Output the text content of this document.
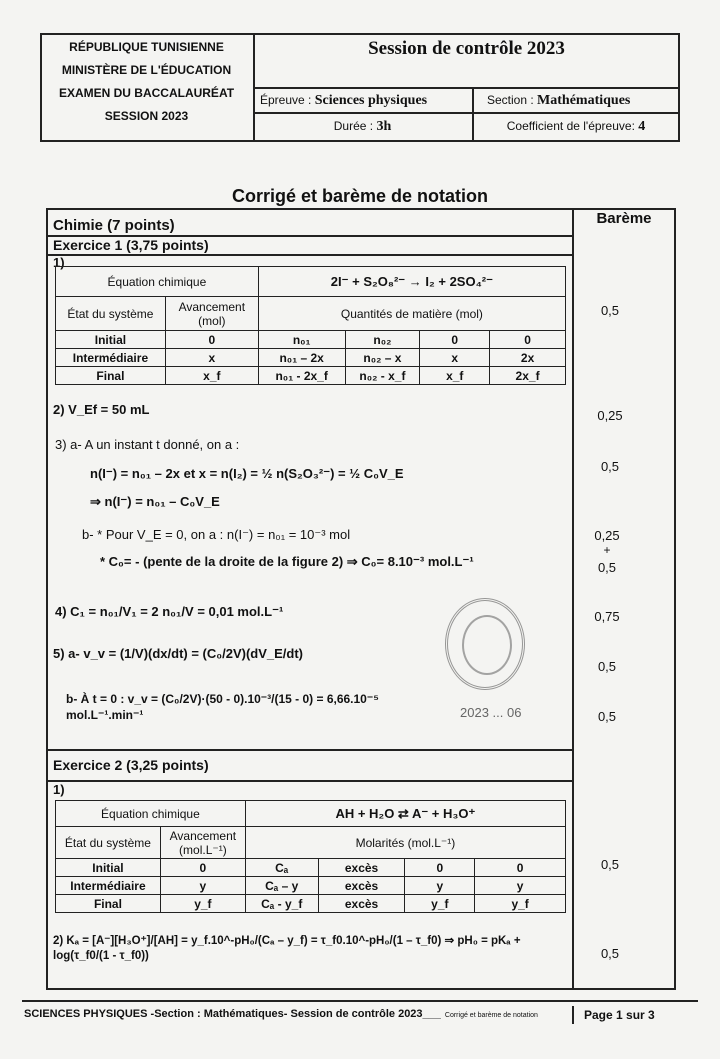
RÉPUBLIQUE TUNISIENNE
MINISTÈRE DE L'ÉDUCATION
EXAMEN DU BACCALAURÉAT
SESSION 2023
Session de contrôle 2023
Épreuve : Sciences physiques	Section : Mathématiques
Durée : 3h	Coefficient de l'épreuve: 4
Corrigé et barème de notation
Barème
Chimie (7 points)
Exercice 1 (3,75 points)
1)
Équation chimique		2I⁻ + S₂O₈²⁻ → I₂ + 2SO₄²⁻			
État du système	Avancement (mol)	Quantités de matière (mol)			
Initial	0	n₀₁	n₀₂	0	0
Intermédiaire	x	n₀₁ – 2x	n₀₂ – x	x	2x
Final	x_f	n₀₁ - 2x_f	n₀₂ - x_f	x_f	2x_f
2) V_Ef = 50 mL
3) a- A un instant t donné, on a :
n(I⁻) = n₀₁ – 2x et x = n(I₂) = ½ n(S₂O₃²⁻) = ½ C₀V_E
⇒ n(I⁻) = n₀₁ – C₀V_E
b- * Pour V_E = 0, on a : n(I⁻) = n₀₁ = 10⁻³ mol
* C₀= - (pente de la droite de la figure 2) ⇒ C₀= 8.10⁻³ mol.L⁻¹
4) C₁ = n₀₁/V₁ = 2 n₀₁/V = 0,01 mol.L⁻¹
5) a- v_v = (1/V)(dx/dt) = (C₀/2V)(dV_E/dt)
b- À t = 0 : v_v = (C₀/2V)·(50 - 0).10⁻³/(15 - 0) = 6,66.10⁻⁵ mol.L⁻¹.min⁻¹	2023 ... 06
0,5
0,25
0,5
0,25
+
0,5
0,75
0,5
0,5
Exercice 2 (3,25 points)
1)
Équation chimique		AH + H₂O ⇄ A⁻ + H₃O⁺			
État du système	Avancement (mol.L⁻¹)	Molarités (mol.L⁻¹)			
Initial	0	Cₐ	excès	0	0
Intermédiaire	y	Cₐ – y	excès	y	y
Final	y_f	Cₐ - y_f	excès	y_f	y_f
2) Kₐ = [A⁻][H₃O⁺]/[AH] = y_f.10^-pH₀/(Cₐ – y_f) = τ_f0.10^-pH₀/(1 – τ_f0) ⇒ pH₀ = pKₐ + log(τ_f0/(1 - τ_f0))
0,5
0,5
SCIENCES PHYSIQUES -Section : Mathématiques- Session de contrôle 2023___ Corrigé et barème de notation	Page 1 sur 3
